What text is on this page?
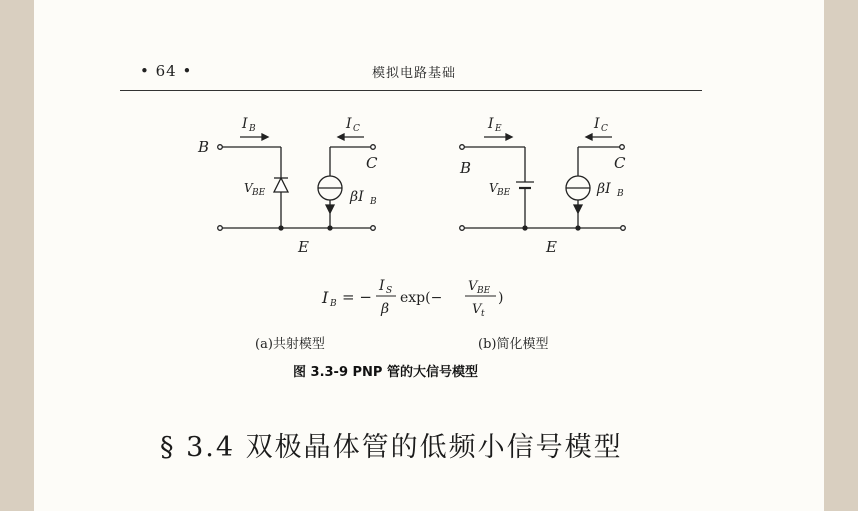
• 64 •	模拟电路基础
B
C
E
I B	I C
V BE	βI B
B	C
E
I E	I C
V BE	βI B
I B = −
I S
β
exp(−
V BE
V t
)
(a)共射模型	(b)简化模型
图 3.3-9 PNP 管的大信号模型
§ 3.4 双极晶体管的低频小信号模型
